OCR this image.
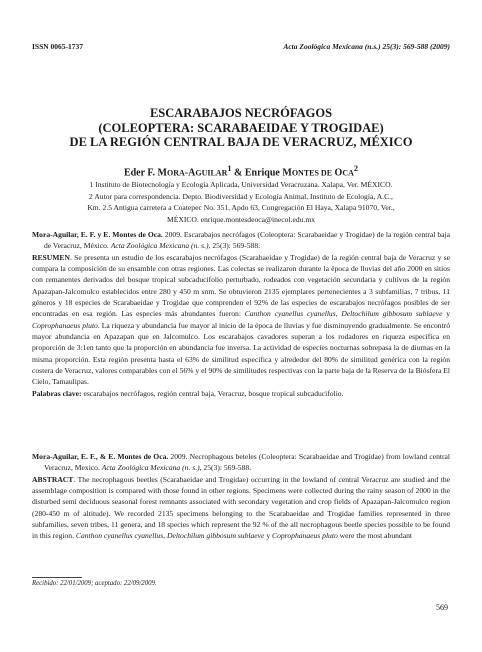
ISSN 0065-1737	Acta Zoológica Mexicana (n.s.) 25(3): 569-588 (2009)
ESCARABAJOS NECRÓFAGOS
(COLEOPTERA: SCARABAEIDAE Y TROGIDAE)
DE LA REGIÓN CENTRAL BAJA DE VERACRUZ, MÉXICO
Eder F. MORA-AGUILAR$^1$ & Enrique MONTES DE OCA$^2$
1 Instituto de Biotecnología y Ecología Aplicada, Universidad Veracruzana. Xalapa, Ver. MÉXICO.
2 Autor para correspondencia. Depto. Biodiversidad y Ecología Animal, Instituto de Ecología, A.C.,
Km. 2.5 Antigua carretera a Coatepec No. 351, Apdo 63, Congregación El Haya, Xalapa 91070, Ver.,
MÉXICO. enrique.montesdeoca@inecol.edu.mx

Mora-Aguilar, E. F. y E. Montes de Oca. 2009. Escarabajos necrófagos (Coleoptera: Scarabaeidae y Trogidae) de la región central baja de Veracruz, México. Acta Zoológica Mexicana (n. s.), 25(3): 569-588.

RESUMEN. Se presenta un estudio de los escarabajos necrófagos (Scarabaeidae y Trogidae) de la región central baja de Veracruz y se compara la composición de su ensamble con otras regiones. Las colectas se realizaron durante la época de lluvias del año 2000 en sitios con remanentes derivados del bosque tropical subcaducifolio perturbado, rodeados con vegetación secundaria y cultivos de la región Apazapan-Jalcomulco establecidos entre 280 y 450 m snm. Se obtuvieron 2135 ejemplares pertenecientes a 3 subfamilias, 7 tribus, 11 géneros y 18 especies de Scarabaeidae y Trogidae que comprenden el 92% de las especies de escarabajos necrófagos posibles de ser encontradas en esa región. Las especies más abundantes fueron: Canthon cyanellus cyanellus, Deltochilum gibbosum sublaeve y Coprophanaeus pluto. La riqueza y abundancia fue mayor al inicio de la época de lluvias y fue disminuyendo gradualmente. Se encontró mayor abundancia en Apazapan que en Jalcomulco. Los escarabajos cavadores superan a los rodadores en riqueza específica en proporción de 3:1en tanto que la proporción en abundancia fue inversa. La actividad de especies nocturnas sobrepasa la de diurnas en la misma proporción. Esta región presenta hasta el 63% de similitud específica y alrededor del 80% de similitud genérica con la región costera de Veracruz, valores comparables con el 56% y el 90% de similitudes respectivas con la parte baja de la Reserva de la Biósfera El Cielo, Tamaulipas.

Palabras clave: escarabajos necrófagos, región central baja, Veracruz, bosque tropical subcaducifolio.

Mora-Aguilar, E. F., & E. Montes de Oca. 2009. Necrophagous beteles (Coleoptera: Scarabaeidae and Trogidae) from lowland central Veracruz, Mexico. Acta Zoológica Mexicana (n. s.), 25(3): 569-588.

ABSTRACT. The necrophagous beetles (Scarabaeidae and Trogidae) occurring in the lowland of central Veracruz are studied and the assemblage composition is compared with those found in other regions. Specimens were collected during the rainy season of 2000 in the disturbed semi deciduous seasonal forest remnants associated with secondary vegetation and crop fields of Apazapan-Jalcomulco region (280-450 m of altitude). We recorded 2135 specimens belonging to the Scarabaeidae and Trogidae families represented in three subfamilies, seven tribes, 11 genera, and 18 species which represent the 92 % of the all necrophagous beetle species possible to be found in this region. Canthon cyanellus cyanellus, Deltochilum gibbosum sublaeve y Coprophanaeus pluto were the most abundant

Recibido: 22/01/2009; aceptado: 22/09/2009.
569
